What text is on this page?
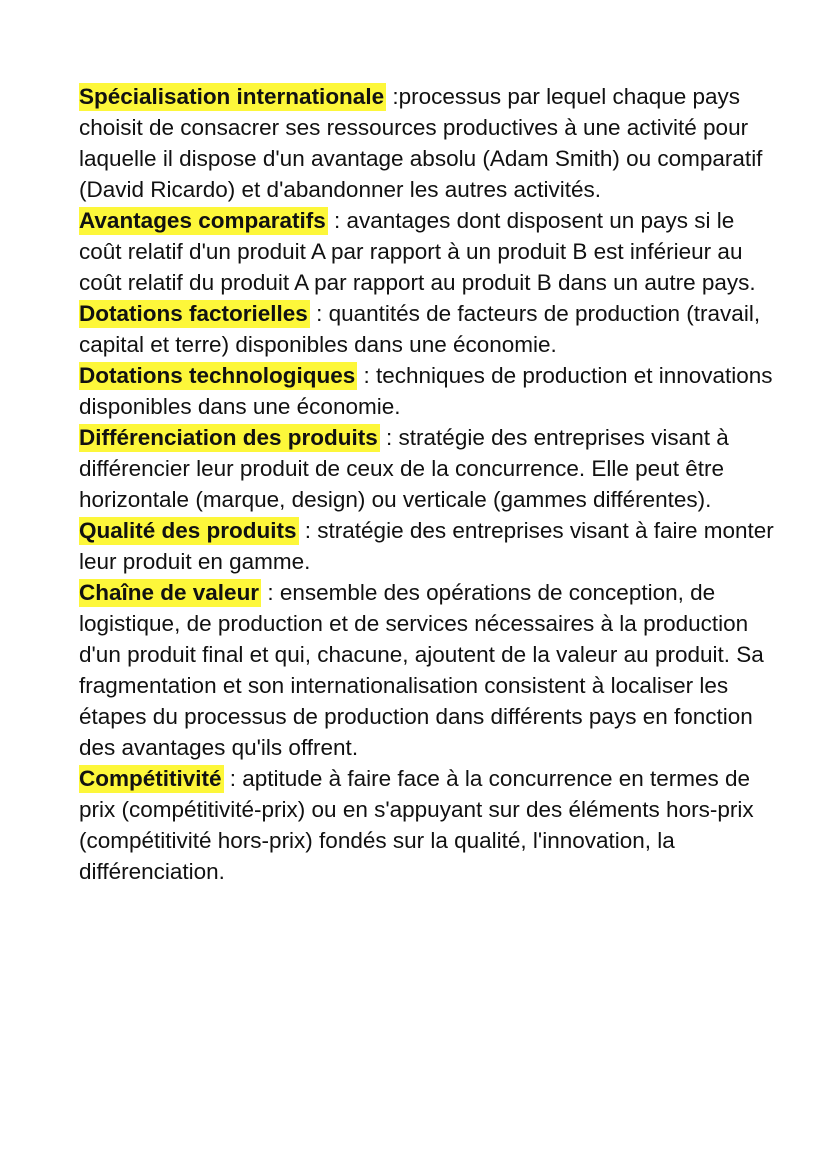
Spécialisation internationale :processus par lequel chaque pays choisit de consacrer ses ressources productives à une activité pour laquelle il dispose d'un avantage absolu (Adam Smith) ou comparatif (David Ricardo) et d'abandonner les autres activités.

Avantages comparatifs : avantages dont disposent un pays si le coût relatif d'un produit A par rapport à un produit B est inférieur au coût relatif du produit A par rapport au produit B dans un autre pays.

Dotations factorielles : quantités de facteurs de production (travail, capital et terre) disponibles dans une économie.

Dotations technologiques : techniques de production et innovations disponibles dans une économie.

Différenciation des produits : stratégie des entreprises visant à différencier leur produit de ceux de la concurrence. Elle peut être horizontale (marque, design) ou verticale (gammes différentes).

Qualité des produits : stratégie des entreprises visant à faire monter leur produit en gamme.

Chaîne de valeur : ensemble des opérations de conception, de logistique, de production et de services nécessaires à la production d'un produit final et qui, chacune, ajoutent de la valeur au produit. Sa fragmentation et son internationalisation consistent à localiser les étapes du processus de production dans différents pays en fonction des avantages qu'ils offrent.

Compétitivité : aptitude à faire face à la concurrence en termes de prix (compétitivité-prix) ou en s'appuyant sur des éléments hors-prix (compétitivité hors-prix) fondés sur la qualité, l'innovation, la différenciation.
